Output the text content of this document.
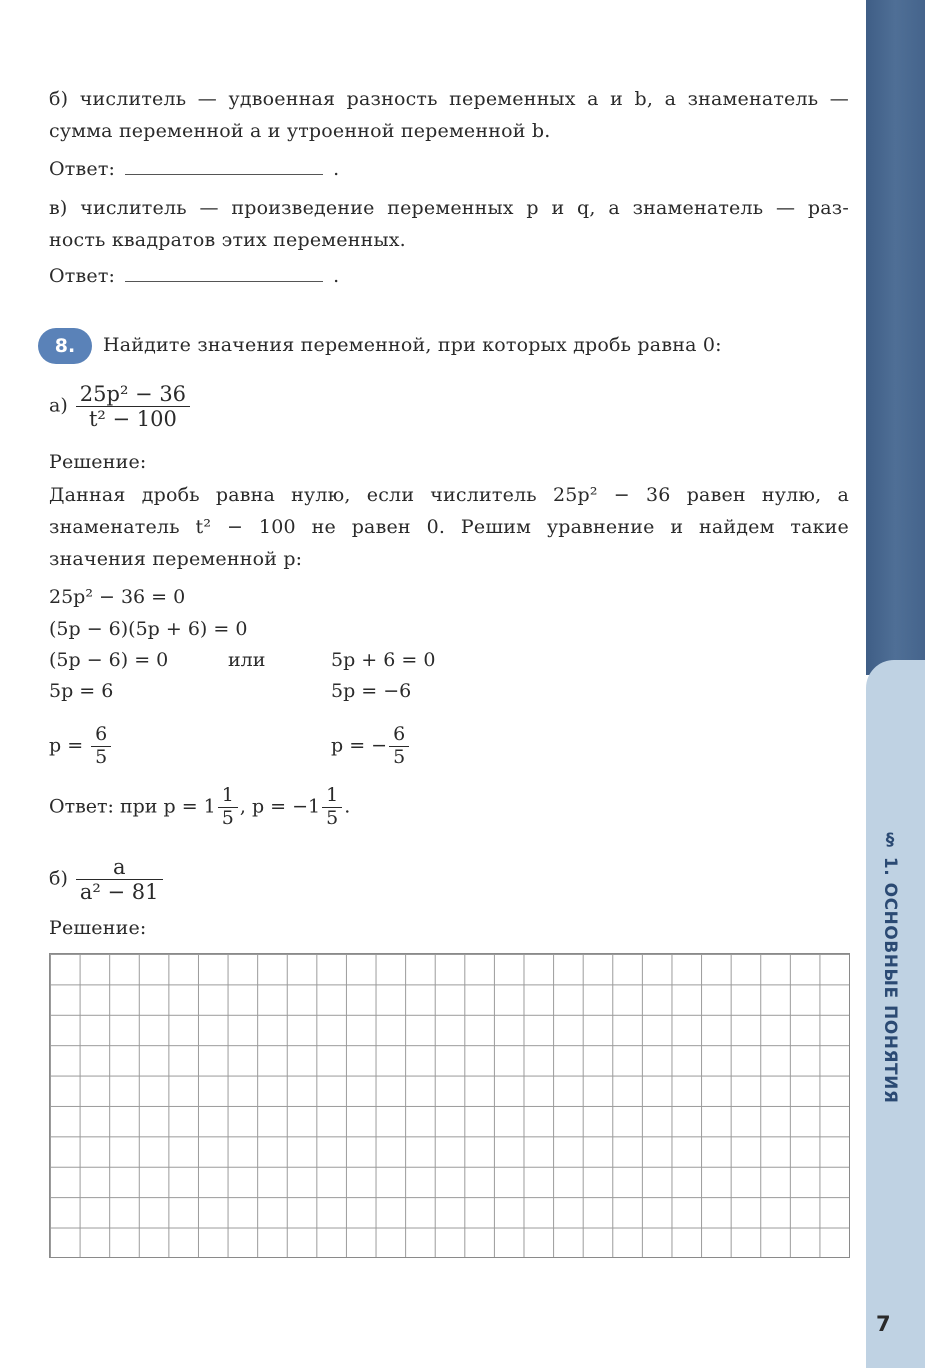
§ 1. ОСНОВНЫЕ ПОНЯТИЯ
7
б) числитель — удвоенная разность переменных a и b, а знаменатель —
сумма переменной a и утроенной переменной b.
Ответ:	.
в) числитель — произведение переменных p и q, а знаменатель — раз-
ность квадратов этих переменных.
Ответ:	.
8.	Найдите значения переменной, при которых дробь равна 0:
$а) \frac{\text{25p² − 36}}{\text{t² − 100}}$
Решение:
Данная дробь равна нулю, если числитель 25p² − 36 равен нулю, а
знаменатель t² − 100 не равен 0. Решим уравнение и найдем такие
значения переменной p:
25p² − 36 = 0
(5p − 6)(5p + 6) = 0
(5p − 6) = 0	или	5p + 6 = 0
5p = 6	5p = −6
$p = \frac{6}{5}$	p = − $\frac{6}{5}$
Ответ: при $p = 1 \frac{1}{5}$ , $p = -1 \frac{1}{5}$ .
$б) \frac{a}{\text{a² − 81}}$
Решение:
